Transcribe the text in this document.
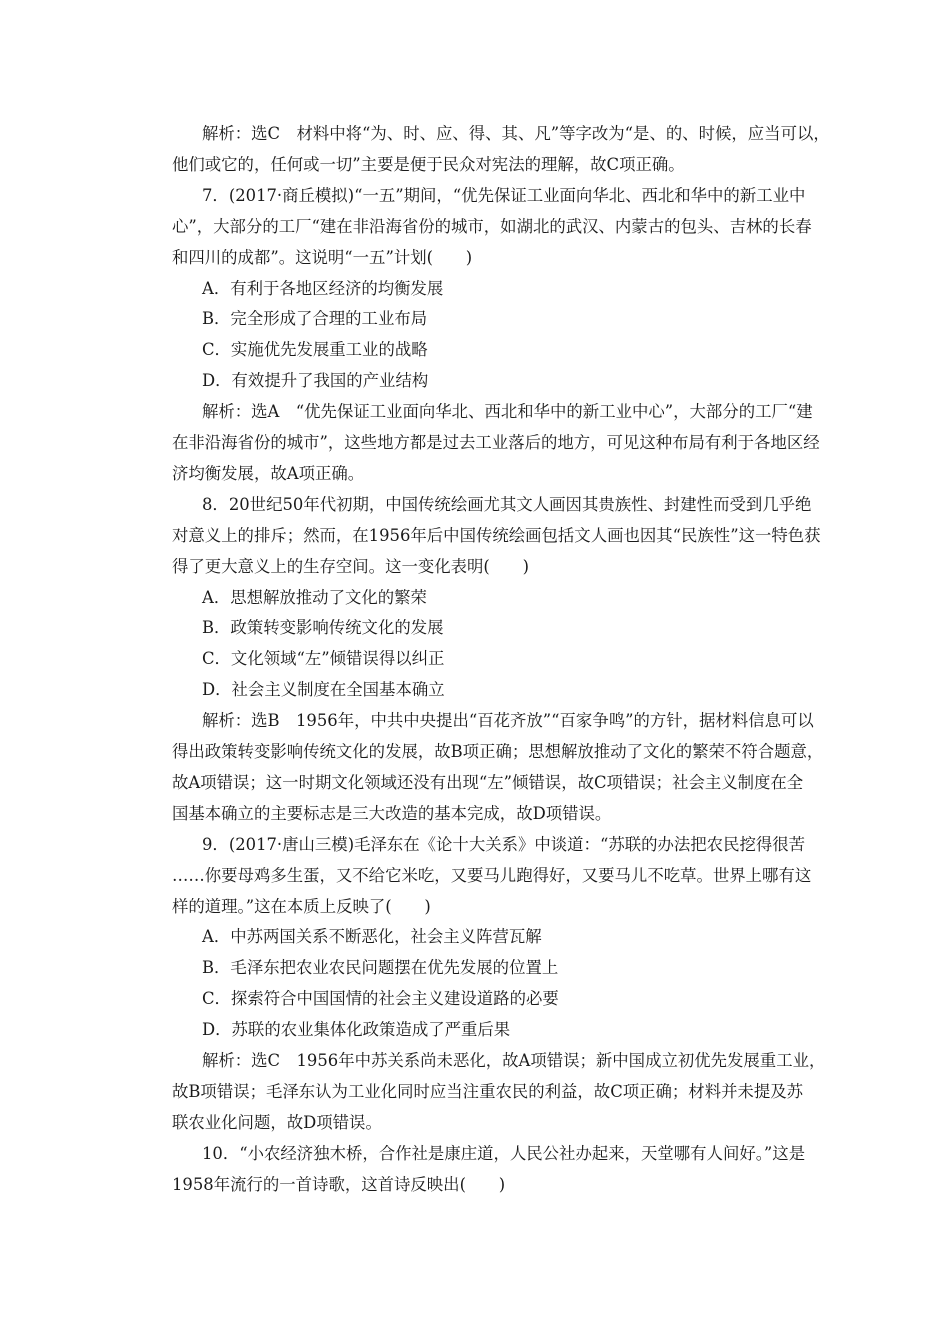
解析：选C　材料中将“为、时、应、得、其、凡”等字改为“是、的、时候，应当可以，
他们或它的，任何或一切”主要是便于民众对宪法的理解，故C项正确。
7．(2017·商丘模拟)“一五”期间，“优先保证工业面向华北、西北和华中的新工业中
心”，大部分的工厂“建在非沿海省份的城市，如湖北的武汉、内蒙古的包头、吉林的长春
和四川的成都”。这说明“一五”计划(　　)
A．有利于各地区经济的均衡发展
B．完全形成了合理的工业布局
C．实施优先发展重工业的战略
D．有效提升了我国的产业结构
解析：选A　“优先保证工业面向华北、西北和华中的新工业中心”，大部分的工厂“建
在非沿海省份的城市”，这些地方都是过去工业落后的地方，可见这种布局有利于各地区经
济均衡发展，故A项正确。
8．20世纪50年代初期，中国传统绘画尤其文人画因其贵族性、封建性而受到几乎绝
对意义上的排斥；然而，在1956年后中国传统绘画包括文人画也因其“民族性”这一特色获
得了更大意义上的生存空间。这一变化表明(　　)
A．思想解放推动了文化的繁荣
B．政策转变影响传统文化的发展
C．文化领域“左”倾错误得以纠正
D．社会主义制度在全国基本确立
解析：选B　1956年，中共中央提出“百花齐放”“百家争鸣”的方针，据材料信息可以
得出政策转变影响传统文化的发展，故B项正确；思想解放推动了文化的繁荣不符合题意，
故A项错误；这一时期文化领域还没有出现“左”倾错误，故C项错误；社会主义制度在全
国基本确立的主要标志是三大改造的基本完成，故D项错误。
9．(2017·唐山三模)毛泽东在《论十大关系》中谈道：“苏联的办法把农民挖得很苦
……你要母鸡多生蛋，又不给它米吃，又要马儿跑得好，又要马儿不吃草。世界上哪有这
样的道理。”这在本质上反映了(　　)
A．中苏两国关系不断恶化，社会主义阵营瓦解
B．毛泽东把农业农民问题摆在优先发展的位置上
C．探索符合中国国情的社会主义建设道路的必要
D．苏联的农业集体化政策造成了严重后果
解析：选C　1956年中苏关系尚未恶化，故A项错误；新中国成立初优先发展重工业，
故B项错误；毛泽东认为工业化同时应当注重农民的利益，故C项正确；材料并未提及苏
联农业化问题，故D项错误。
10．“小农经济独木桥，合作社是康庄道，人民公社办起来，天堂哪有人间好。”这是
1958年流行的一首诗歌，这首诗反映出(　　)
